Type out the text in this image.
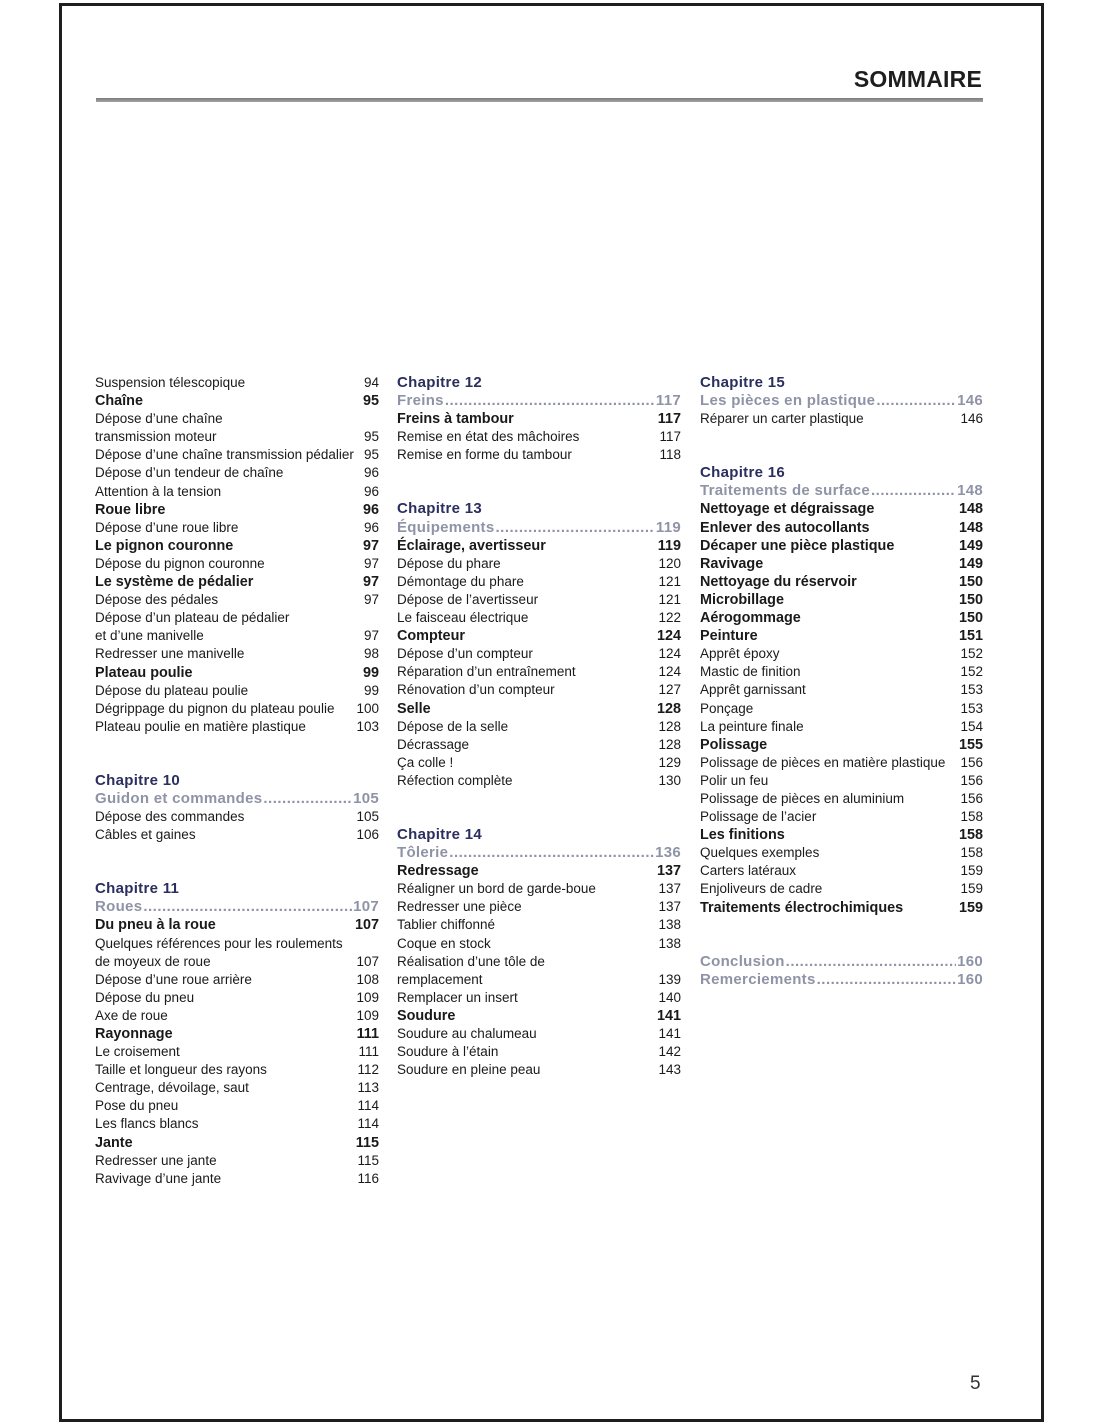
SOMMAIRE
Suspension télescopique	94
Chaîne	95
Dépose d’une chaîne
transmission moteur	95
Dépose d’une chaîne transmission pédalier 95
Dépose d’un tendeur de chaîne	96
Attention à la tension	96
Roue libre	96
Dépose d’une roue libre	96
Le pignon couronne	97
Dépose du pignon couronne	97
Le système de pédalier	97
Dépose des pédales	97
Dépose d’un plateau de pédalier
et d’une manivelle	97
Redresser une manivelle	98
Plateau poulie	99
Dépose du plateau poulie	99
Dégrippage du pignon du plateau poulie 100
Plateau poulie en matière plastique	103
Chapitre 10
Guidon et commandes .....	105
Dépose des commandes	105
Câbles et gaines	106
Chapitre 11
Roues .....	107
Du pneu à la roue	107
Quelques références pour les roulements
de moyeux de roue	107
Dépose d’une roue arrière	108
Dépose du pneu	109
Axe de roue	109
Rayonnage	111
Le croisement	111
Taille et longueur des rayons	112
Centrage, dévoilage, saut	113
Pose du pneu	114
Les flancs blancs	114
Jante	115
Redresser une jante	115
Ravivage d’une jante	116
Chapitre 12
Freins .....	117
Freins à tambour	117
Remise en état des mâchoires	117
Remise en forme du tambour	118
Chapitre 13
Équipements .....	119
Éclairage, avertisseur	119
Dépose du phare	120
Démontage du phare	121
Dépose de l’avertisseur	121
Le faisceau électrique	122
Compteur	124
Dépose d’un compteur	124
Réparation d’un entraînement	124
Rénovation d’un compteur	127
Selle	128
Dépose de la selle	128
Décrassage	128
Ça colle !	129
Réfection complète	130
Chapitre 14
Tôlerie .....	136
Redressage	137
Réaligner un bord de garde-boue	137
Redresser une pièce	137
Tablier chiffonné	138
Coque en stock	138
Réalisation d’une tôle de
remplacement	139
Remplacer un insert	140
Soudure	141
Soudure au chalumeau	141
Soudure à l’étain	142
Soudure en pleine peau	143
Chapitre 15
Les pièces en plastique .....	146
Réparer un carter plastique	146
Chapitre 16
Traitements de surface .....	148
Nettoyage et dégraissage	148
Enlever des autocollants	148
Décaper une pièce plastique	149
Ravivage	149
Nettoyage du réservoir	150
Microbillage	150
Aérogommage	150
Peinture	151
Apprêt époxy	152
Mastic de finition	152
Apprêt garnissant	153
Ponçage	153
La peinture finale	154
Polissage	155
Polissage de pièces en matière plastique 156
Polir un feu	156
Polissage de pièces en aluminium	156
Polissage de l’acier	158
Les finitions	158
Quelques exemples	158
Carters latéraux	159
Enjoliveurs de cadre	159
Traitements électrochimiques	159
Conclusion .....	160
Remerciements .....	160
5
